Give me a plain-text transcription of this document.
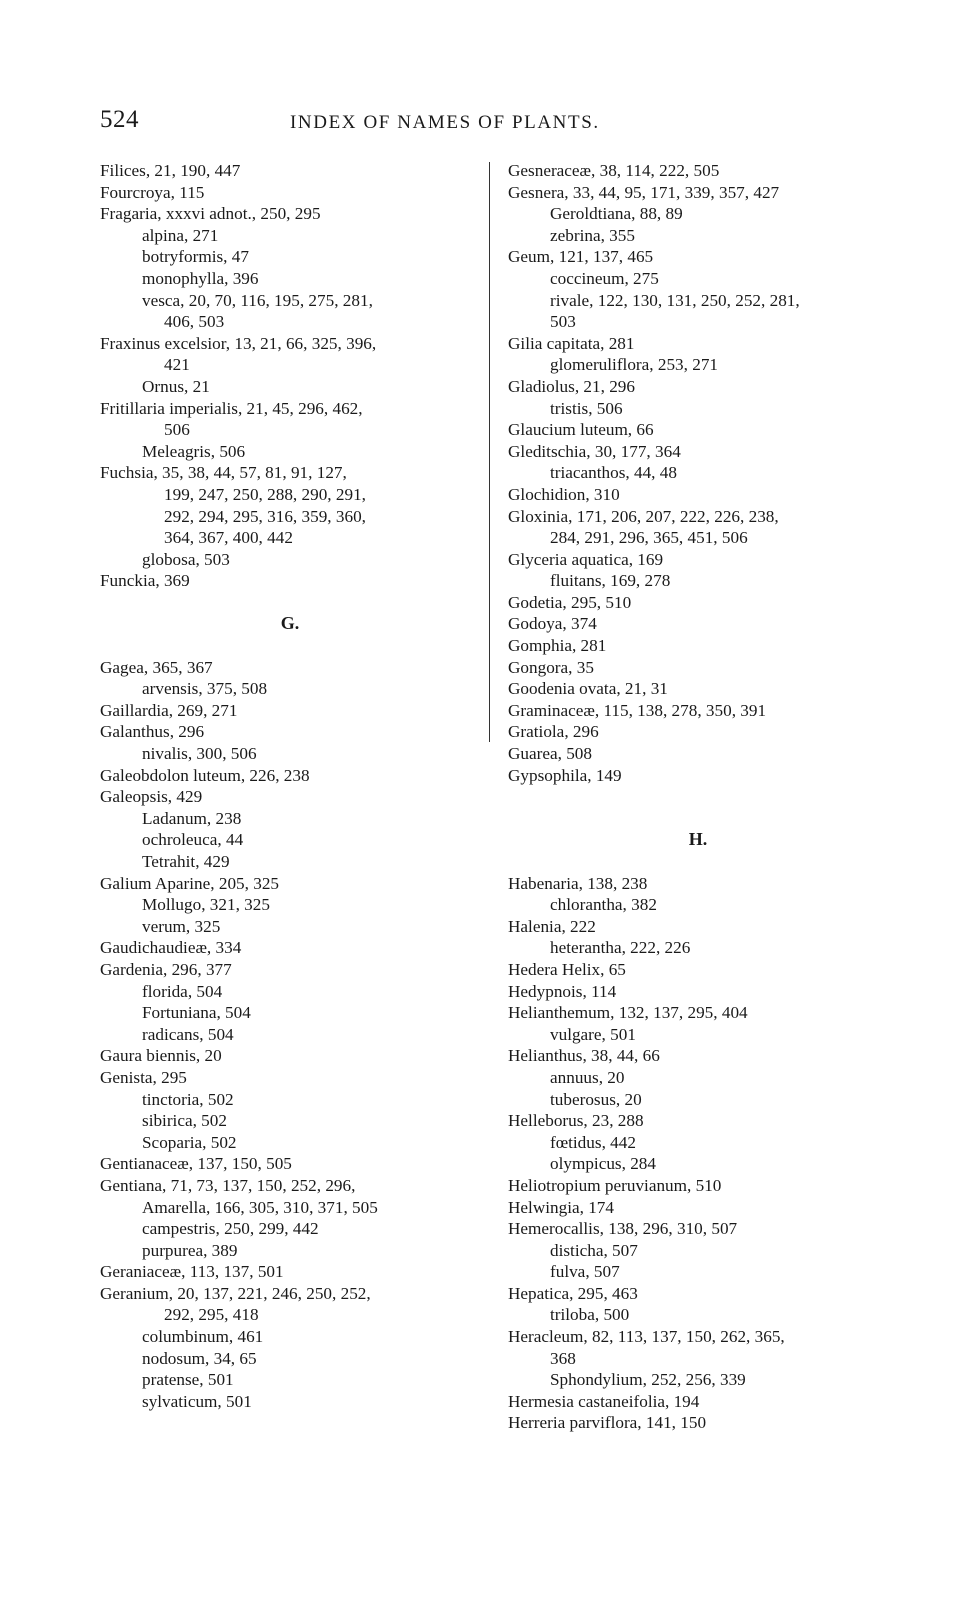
524	INDEX OF NAMES OF PLANTS.
Filices, 21, 190, 447
Fourcroya, 115
Fragaria, xxxvi adnot., 250, 295
alpina, 271
botryformis, 47
monophylla, 396
vesca, 20, 70, 116, 195, 275, 281,
406, 503
Fraxinus excelsior, 13, 21, 66, 325, 396,
421
Ornus, 21
Fritillaria imperialis, 21, 45, 296, 462,
506
Meleagris, 506
Fuchsia, 35, 38, 44, 57, 81, 91, 127,
199, 247, 250, 288, 290, 291,
292, 294, 295, 316, 359, 360,
364, 367, 400, 442
globosa, 503
Funckia, 369
G.
Gagea, 365, 367
arvensis, 375, 508
Gaillardia, 269, 271
Galanthus, 296
nivalis, 300, 506
Galeobdolon luteum, 226, 238
Galeopsis, 429
Ladanum, 238
ochroleuca, 44
Tetrahit, 429
Galium Aparine, 205, 325
Mollugo, 321, 325
verum, 325
Gaudichaudieæ, 334
Gardenia, 296, 377
florida, 504
Fortuniana, 504
radicans, 504
Gaura biennis, 20
Genista, 295
tinctoria, 502
sibirica, 502
Scoparia, 502
Gentianaceæ, 137, 150, 505
Gentiana, 71, 73, 137, 150, 252, 296,
Amarella, 166, 305, 310, 371, 505
campestris, 250, 299, 442
purpurea, 389
Geraniaceæ, 113, 137, 501
Geranium, 20, 137, 221, 246, 250, 252,
292, 295, 418
columbinum, 461
nodosum, 34, 65
pratense, 501
sylvaticum, 501
Gesneraceæ, 38, 114, 222, 505
Gesnera, 33, 44, 95, 171, 339, 357, 427
Geroldtiana, 88, 89
zebrina, 355
Geum, 121, 137, 465
coccineum, 275
rivale, 122, 130, 131, 250, 252, 281,
503
Gilia capitata, 281
glomeruliflora, 253, 271
Gladiolus, 21, 296
tristis, 506
Glaucium luteum, 66
Gleditschia, 30, 177, 364
triacanthos, 44, 48
Glochidion, 310
Gloxinia, 171, 206, 207, 222, 226, 238,
284, 291, 296, 365, 451, 506
Glyceria aquatica, 169
fluitans, 169, 278
Godetia, 295, 510
Godoya, 374
Gomphia, 281
Gongora, 35
Goodenia ovata, 21, 31
Graminaceæ, 115, 138, 278, 350, 391
Gratiola, 296
Guarea, 508
Gypsophila, 149
H.
Habenaria, 138, 238
chlorantha, 382
Halenia, 222
heterantha, 222, 226
Hedera Helix, 65
Hedypnois, 114
Helianthemum, 132, 137, 295, 404
vulgare, 501
Helianthus, 38, 44, 66
annuus, 20
tuberosus, 20
Helleborus, 23, 288
fœtidus, 442
olympicus, 284
Heliotropium peruvianum, 510
Helwingia, 174
Hemerocallis, 138, 296, 310, 507
disticha, 507
fulva, 507
Hepatica, 295, 463
triloba, 500
Heracleum, 82, 113, 137, 150, 262, 365,
368
Sphondylium, 252, 256, 339
Hermesia castaneifolia, 194
Herreria parviflora, 141, 150
